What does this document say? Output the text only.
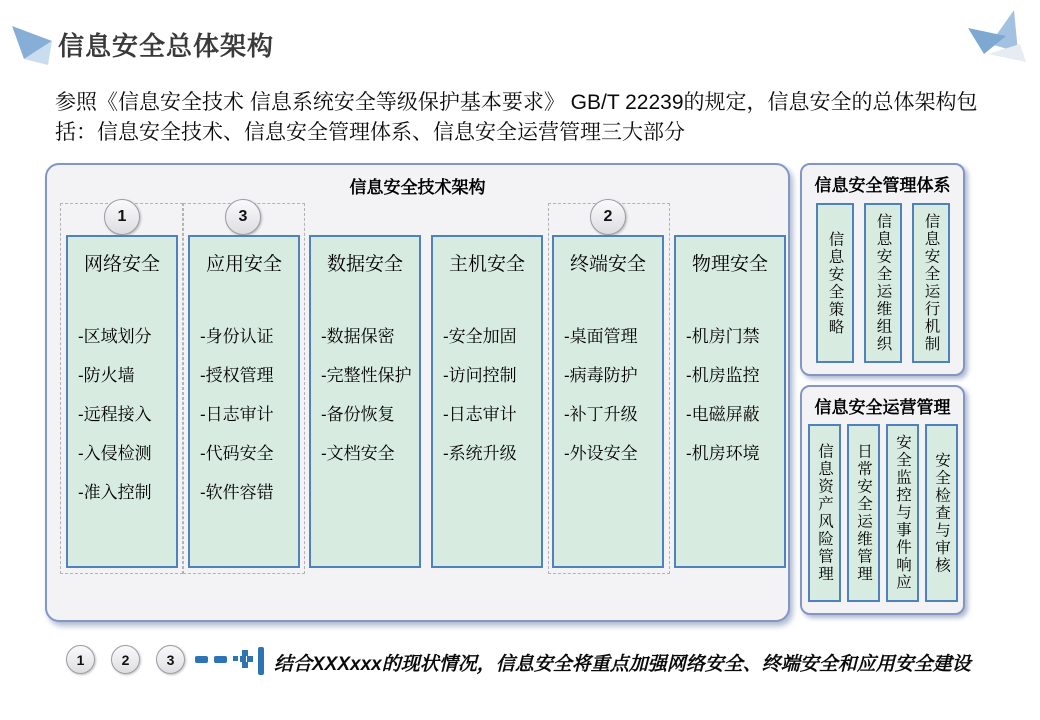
信息安全总体架构
参照《信息安全技术 信息系统安全等级保护基本要求》 GB/T 22239的规定，信息安全的总体架构包括：信息安全技术、信息安全管理体系、信息安全运营管理三大部分
信息安全技术架构
1	3	2
网络安全
-区域划分
-防火墙
-远程接入
-入侵检测
-准入控制
应用安全
-身份认证
-授权管理
-日志审计
-代码安全
-软件容错
数据安全
-数据保密
-完整性保护
-备份恢复
-文档安全
主机安全
-安全加固
-访问控制
-日志审计
-系统升级
终端安全
-桌面管理
-病毒防护
-补丁升级
-外设安全
物理安全
-机房门禁
-机房监控
-电磁屏蔽
-机房环境
信息安全管理体系
信息安全策略 信息安全运维组织 信息安全运行机制
信息安全运营管理
信息资产风险管理 日常安全运维管理 安全监控与事件响应 安全检查与审核
1	2	3	结合XXXxxx的现状情况，信息安全将重点加强网络安全、终端安全和应用安全建设
